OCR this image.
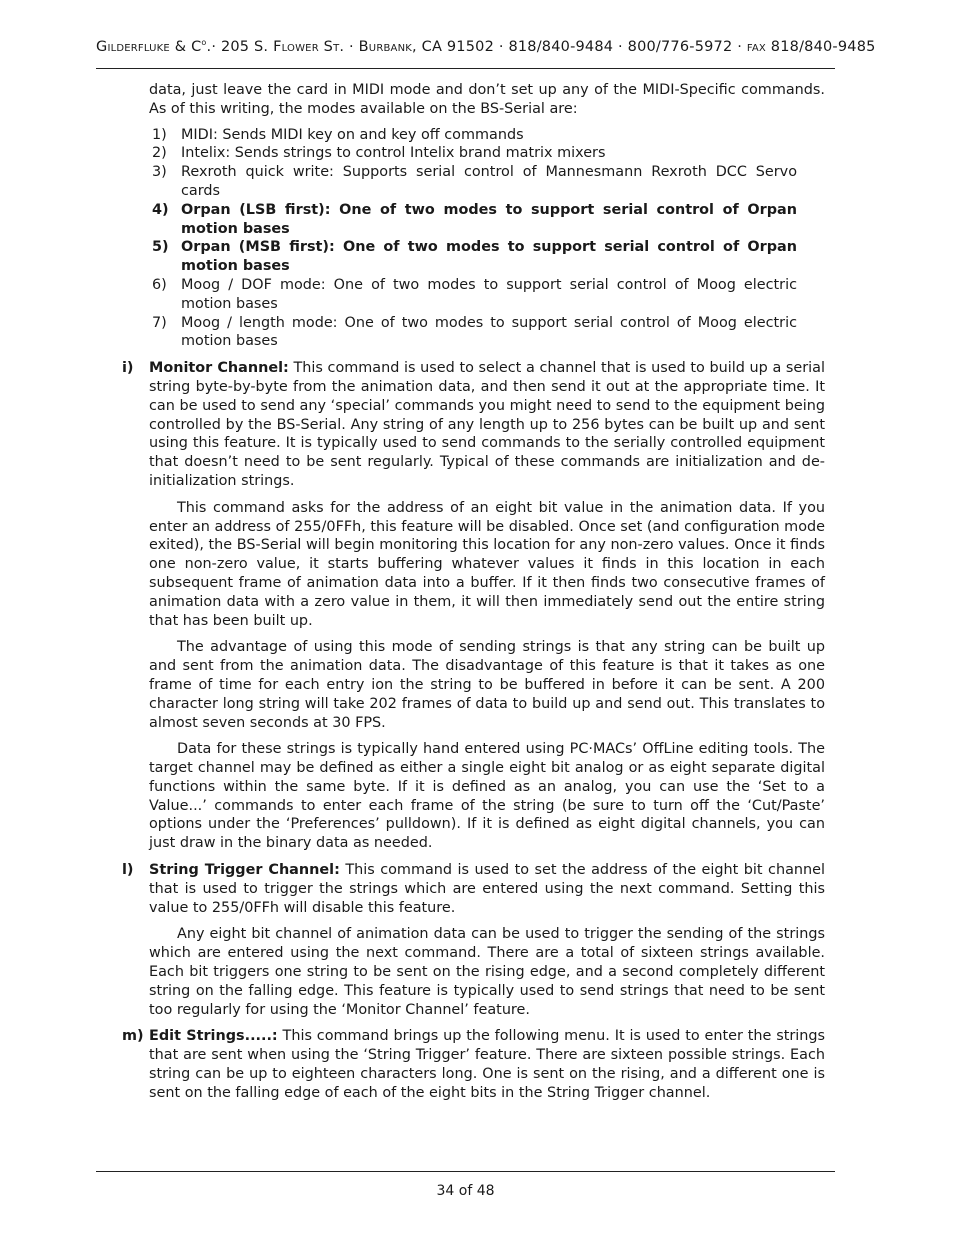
Gilderfluke & $C^o.\cdot 205$ S. Flower St. · Burbank, CA 91502 · 818/840-9484 · 800/776-5972 · fax 818/840-9485

data, just leave the card in MIDI mode and don’t set up any of the MIDI-Specific commands. As of this writing, the modes available on the BS-Serial are:

1) MIDI: Sends MIDI key on and key off commands
2) Intelix: Sends strings to control Intelix brand matrix mixers
3) Rexroth quick write: Supports serial control of Mannesmann Rexroth DCC Servo cards
4) Orpan (LSB first): One of two modes to support serial control of Orpan motion bases
5) Orpan (MSB first): One of two modes to support serial control of Orpan motion bases
6) Moog / DOF mode: One of two modes to support serial control of Moog electric motion bases
7) Moog / length mode: One of two modes to support serial control of Moog electric motion bases
i) Monitor Channel: This command is used to select a channel that is used to build up a serial string byte-by-byte from the animation data, and then send it out at the appropriate time. It can be used to send any ‘special’ commands you might need to send to the equipment being controlled by the BS-Serial. Any string of any length up to 256 bytes can be built up and sent using this feature. It is typically used to send commands to the serially controlled equipment that doesn’t need to be sent regularly. Typical of these commands are initialization and de-initialization strings.

This command asks for the address of an eight bit value in the animation data. If you enter an address of 255/0FFh, this feature will be disabled. Once set (and configuration mode exited), the BS-Serial will begin monitoring this location for any non-zero values. Once it finds one non-zero value, it starts buffering whatever values it finds in this location in each subsequent frame of animation data into a buffer. If it then finds two consecutive frames of animation data with a zero value in them, it will then immediately send out the entire string that has been built up.

The advantage of using this mode of sending strings is that any string can be built up and sent from the animation data. The disadvantage of this feature is that it takes as one frame of time for each entry ion the string to be buffered in before it can be sent. A 200 character long string will take 202 frames of data to build up and send out. This translates to almost seven seconds at 30 FPS.

Data for these strings is typically hand entered using PC·MACs’ OffLine editing tools. The target channel may be defined as either a single eight bit analog or as eight separate digital functions within the same byte. If it is defined as an analog, you can use the ‘Set to a Value...’ commands to enter each frame of the string (be sure to turn off the ‘Cut/Paste’ options under the ‘Preferences’ pulldown). If it is defined as eight digital channels, you can just draw in the binary data as needed.

l) String Trigger Channel: This command is used to set the address of the eight bit channel that is used to trigger the strings which are entered using the next command. Setting this value to 255/0FFh will disable this feature.

Any eight bit channel of animation data can be used to trigger the sending of the strings which are entered using the next command. There are a total of sixteen strings available. Each bit triggers one string to be sent on the rising edge, and a second completely different string on the falling edge. This feature is typically used to send strings that need to be sent too regularly for using the ‘Monitor Channel’ feature.

m) Edit Strings.....: This command brings up the following menu. It is used to enter the strings that are sent when using the ‘String Trigger’ feature. There are sixteen possible strings. Each string can be up to eighteen characters long. One is sent on the rising, and a different one is sent on the falling edge of each of the eight bits in the String Trigger channel.

34 of 48
